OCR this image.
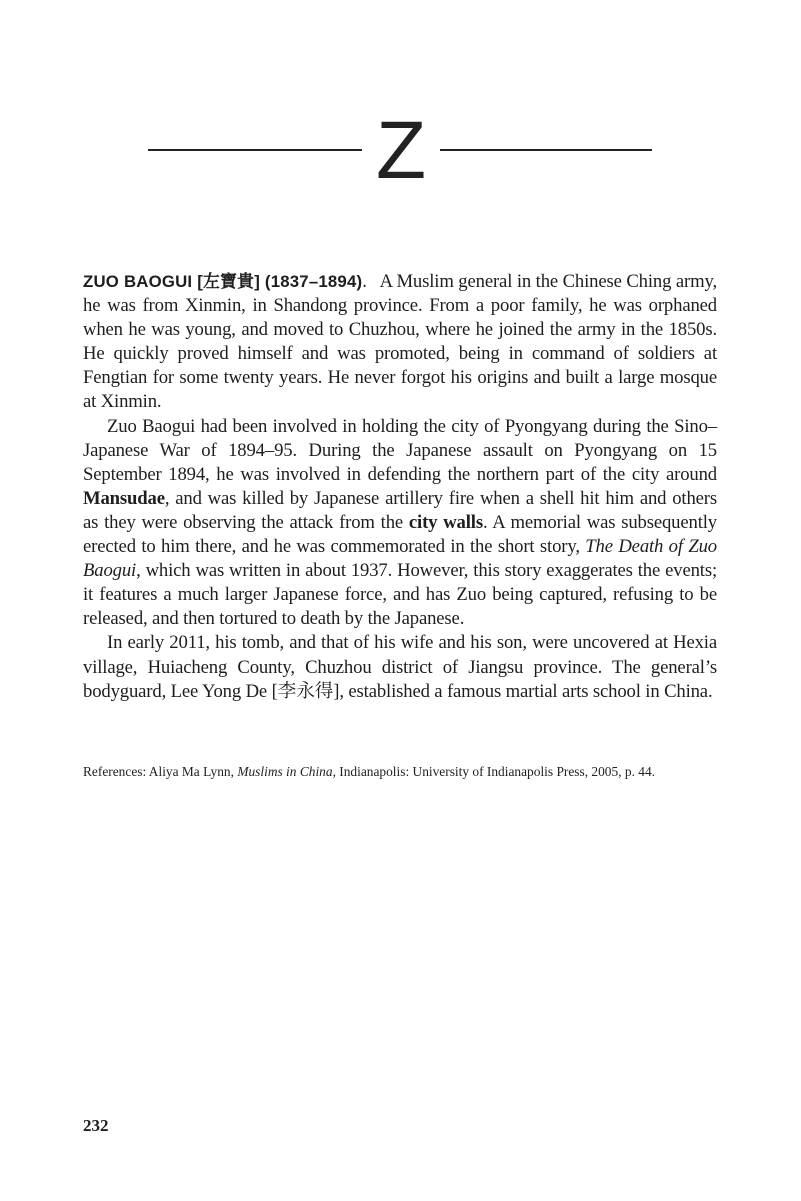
Z

ZUO BAOGUI [左寶貴] (1837–1894). A Muslim general in the Chinese Ching army, he was from Xinmin, in Shandong province. From a poor family, he was orphaned when he was young, and moved to Chuzhou, where he joined the army in the 1850s. He quickly proved himself and was promoted, being in command of soldiers at Fengtian for some twenty years. He never forgot his origins and built a large mosque at Xinmin.

Zuo Baogui had been involved in holding the city of Pyongyang during the Sino–Japanese War of 1894–95. During the Japanese assault on Pyongyang on 15 September 1894, he was involved in defending the northern part of the city around Mansudae, and was killed by Japanese artillery fire when a shell hit him and others as they were observing the attack from the city walls. A memorial was subsequently erected to him there, and he was commemorated in the short story, The Death of Zuo Baogui, which was written in about 1937. However, this story exaggerates the events; it features a much larger Japanese force, and has Zuo being captured, refusing to be released, and then tortured to death by the Japanese.

In early 2011, his tomb, and that of his wife and his son, were uncovered at Hexia village, Huiacheng County, Chuzhou district of Jiangsu province. The general’s bodyguard, Lee Yong De [李永得], established a famous martial arts school in China.

References: Aliya Ma Lynn, Muslims in China, Indianapolis: University of Indianapolis Press, 2005, p. 44.
232
